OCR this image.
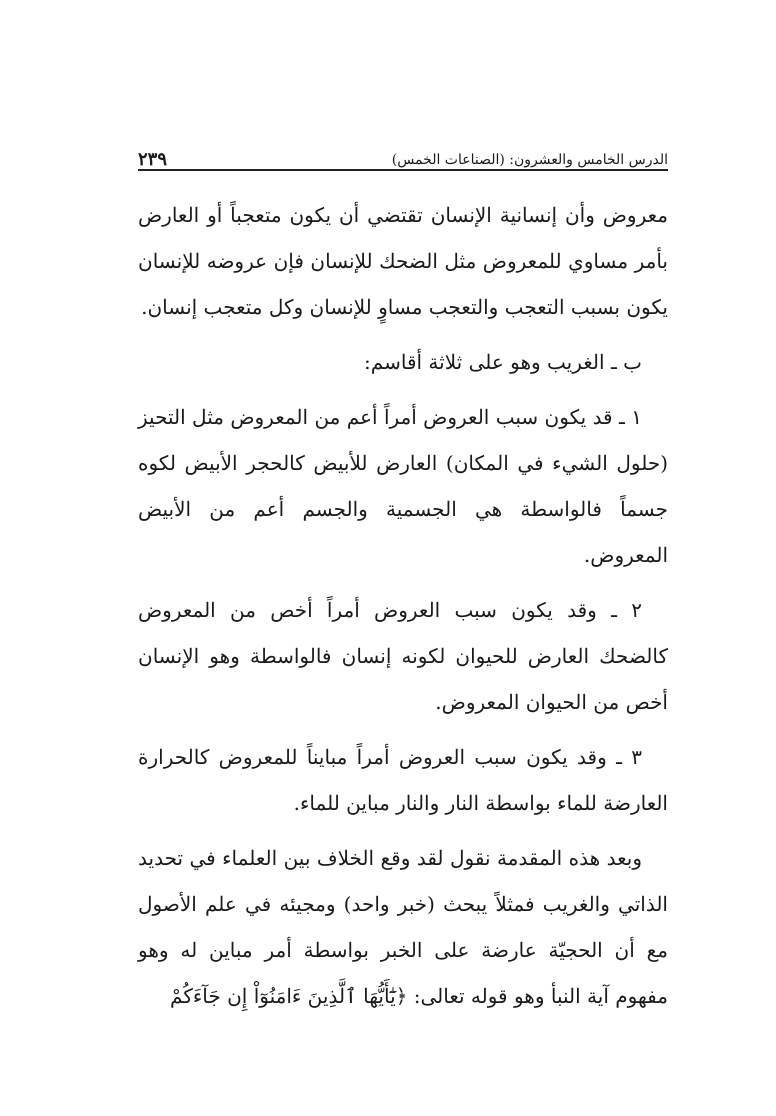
الدرس الخامس والعشرون: (الصناعات الخمس)
٢٣٩

معروض وأن إنسانية الإنسان تقتضي أن يكون متعجباً أو العارض بأمر مساوي للمعروض مثل الضحك للإنسان فإن عروضه للإنسان يكون بسبب التعجب والتعجب مساوٍ للإنسان وكل متعجب إنسان.

ب ـ الغريب وهو على ثلاثة أقاسم:

١ ـ قد يكون سبب العروض أمراً أعم من المعروض مثل التحيز (حلول الشيء في المكان) العارض للأبيض كالحجر الأبيض لكوه جسماً فالواسطة هي الجسمية والجسم أعم من الأبيض المعروض.

٢ ـ وقد يكون سبب العروض أمراً أخص من المعروض كالضحك العارض للحيوان لكونه إنسان فالواسطة وهو الإنسان أخص من الحيوان المعروض.

٣ ـ وقد يكون سبب العروض أمراً مبايناً للمعروض كالحرارة العارضة للماء بواسطة النار والنار مباين للماء.

وبعد هذه المقدمة نقول لقد وقع الخلاف بين العلماء في تحديد الذاتي والغريب فمثلاً يبحث (خبر واحد) ومجيئه في علم الأصول مع أن الحجيّة عارضة على الخبر بواسطة أمر مباين له وهو مفهوم آية النبأ وهو قوله تعالى: ﴿يَٰٓأَيُّهَا ٱلَّذِينَ ءَامَنُوٓاْ إِن جَآءَكُمْ
